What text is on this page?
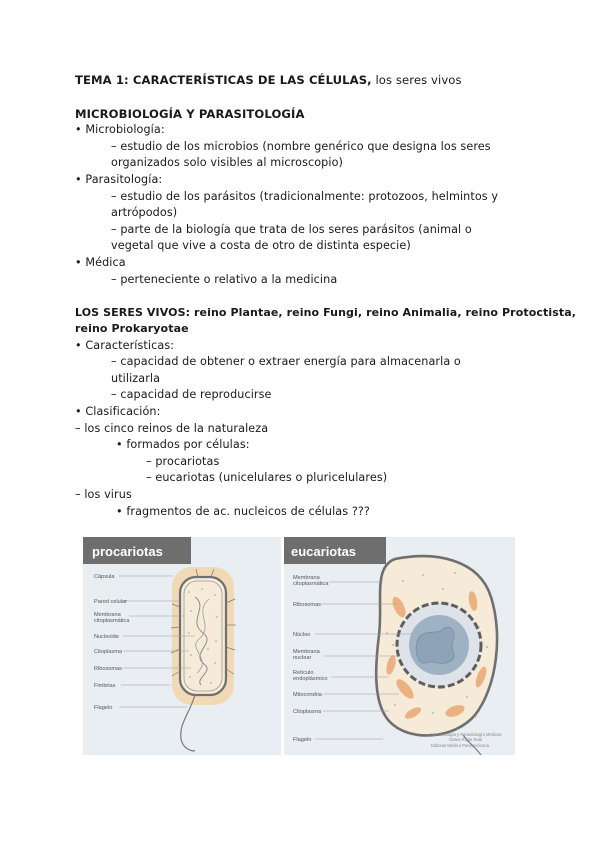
TEMA 1: CARACTERÍSTICAS DE LAS CÉLULAS, los seres vivos
MICROBIOLOGÍA Y PARASITOLOGÍA
• Microbiología:
– estudio de los microbios (nombre genérico que designa los seres
organizados solo visibles al microscopio)
• Parasitología:
– estudio de los parásitos (tradicionalmente: protozoos, helmintos y
artrópodos)
– parte de la biología que trata de los seres parásitos (animal o
vegetal que vive a costa de otro de distinta especie)
• Médica
– perteneciente o relativo a la medicina
LOS SERES VIVOS: reino Plantae, reino Fungi, reino Animalia, reino Protoctista,
reino Prokaryotae
• Características:
– capacidad de obtener o extraer energía para almacenarla o
utilizarla
– capacidad de reproducirse
• Clasificación:
– los cinco reinos de la naturaleza
• formados por células:
– procariotas
– eucariotas (unicelulares o pluricelulares)
– los virus
• fragmentos de ac. nucleicos de células ???
procariotas
Cápsula
Pared celular
Membrana
citoplasmática
Nucleoide
Citoplasma
Ribosomas
Fimbrias
Flagelo
eucariotas
Membrana
citoplasmática
Ribosomas
Núcleo
Membrana
nuclear
Retículo
endoplásmico
Mitocondria
Citoplasma
Flagelo
Microbiología y Parasitología Médicas
Gatea Rojas Raúl
Editorial Médica Panamericana
